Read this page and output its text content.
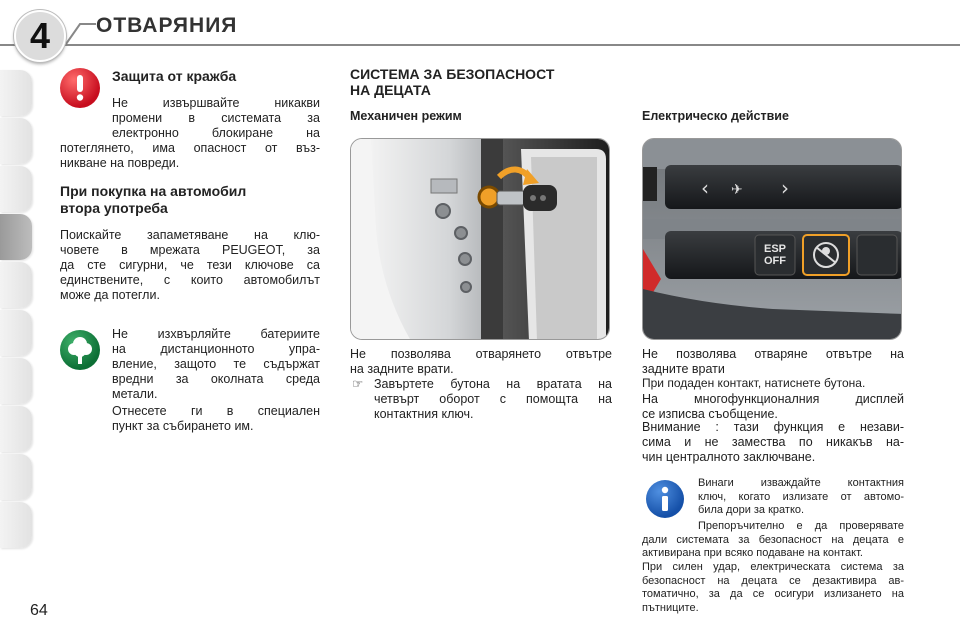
4	ОТВАРЯНИЯ
Защита от кражба
Не извършвайте никакви
промени в системата за
електронно блокиране на
потеглянето, има опасност от въз-
никване на повреди.
При покупка на автомобил
втора употреба
Поискайте запаметяване на клю-
човете в мрежата PEUGEOT, за
да сте сигурни, че тези ключове са
единствените, с които автомобилът
може да потегли.
Не изхвърляйте батериите
на дистанционното упра-
вление, защото те съдържат
вредни за околната среда
метали.
Отнесете ги в специален
пункт за събирането им.
СИСТЕМА ЗА БЕЗОПАСНОСТ
НА ДЕЦАТА
Механичен режим	Електрическо действие
‹ ✈ ›
ESP
OFF
Не позволява отварянето отвътре
на задните врати.
☞ Завъртете бутона на вратата на
четвърт оборот с помощта на
контактния ключ.
Не позволява отваряне отвътре на
задните врати
При подаден контакт, натиснете бутона.
На многофункционалния дисплей
се изписва съобщение.
Внимание : тази функция е незави-
сима и не замества по никакъв на-
чин централното заключване.
Винаги изваждайте контактния
ключ, когато излизате от автомо-
била дори за кратко.
Препоръчително е да проверявате
дали системата за безопасност на децата е
активирана при всяко подаване на контакт.
При силен удар, електрическата система за
безопасност на децата се дезактивира ав-
томатично, за да се осигури излизането на
пътниците.
64
